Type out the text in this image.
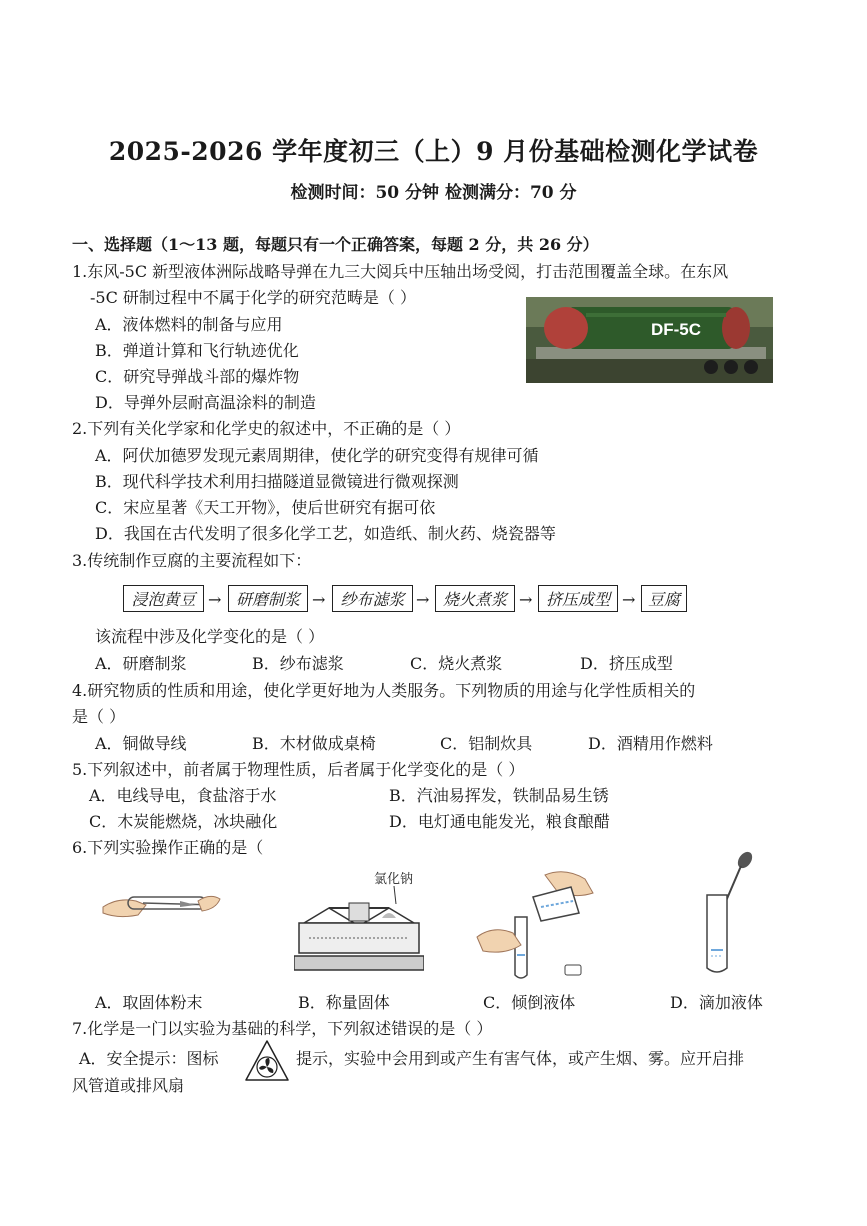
2025-2026 学年度初三（上）9 月份基础检测化学试卷
检测时间：50 分钟 检测满分：70 分
一、选择题（1～13 题，每题只有一个正确答案，每题 2 分，共 26 分）
1.东风-5C 新型液体洲际战略导弹在九三大阅兵中压轴出场受阅，打击范围覆盖全球。在东风
-5C 研制过程中不属于化学的研究范畴是（ ）
A．液体燃料的制备与应用
B．弹道计算和飞行轨迹优化
C．研究导弹战斗部的爆炸物
D．导弹外层耐高温涂料的制造
DF-5C
2.下列有关化学家和化学史的叙述中，不正确的是（ ）
A．阿伏加德罗发现元素周期律，使化学的研究变得有规律可循
B．现代科学技术利用扫描隧道显微镜进行微观探测
C．宋应星著《天工开物》，使后世研究有据可依
D．我国在古代发明了很多化学工艺，如造纸、制火药、烧瓷器等
3.传统制作豆腐的主要流程如下：
浸泡黄豆 → 研磨制浆 → 纱布滤浆 → 烧火煮浆 → 挤压成型 → 豆腐
该流程中涉及化学变化的是（ ）
A．研磨制浆	B．纱布滤浆	C．烧火煮浆	D．挤压成型
4.研究物质的性质和用途，使化学更好地为人类服务。下列物质的用途与化学性质相关的
是（ ）
A．铜做导线	B．木材做成桌椅	C．铝制炊具	D．酒精用作燃料
5.下列叙述中，前者属于物理性质，后者属于化学变化的是（ ）
A．电线导电，食盐溶于水	B．汽油易挥发，铁制品易生锈
C．木炭能燃烧，冰块融化	D．电灯通电能发光，粮食酿醋
6.下列实验操作正确的是（
氯化钠
A．取固体粉末	B．称量固体	C．倾倒液体	D．滴加液体
7.化学是一门以实验为基础的科学，下列叙述错误的是（ ）
A．安全提示：图标	提示，实验中会用到或产生有害气体，或产生烟、雾。应开启排
风管道或排风扇
